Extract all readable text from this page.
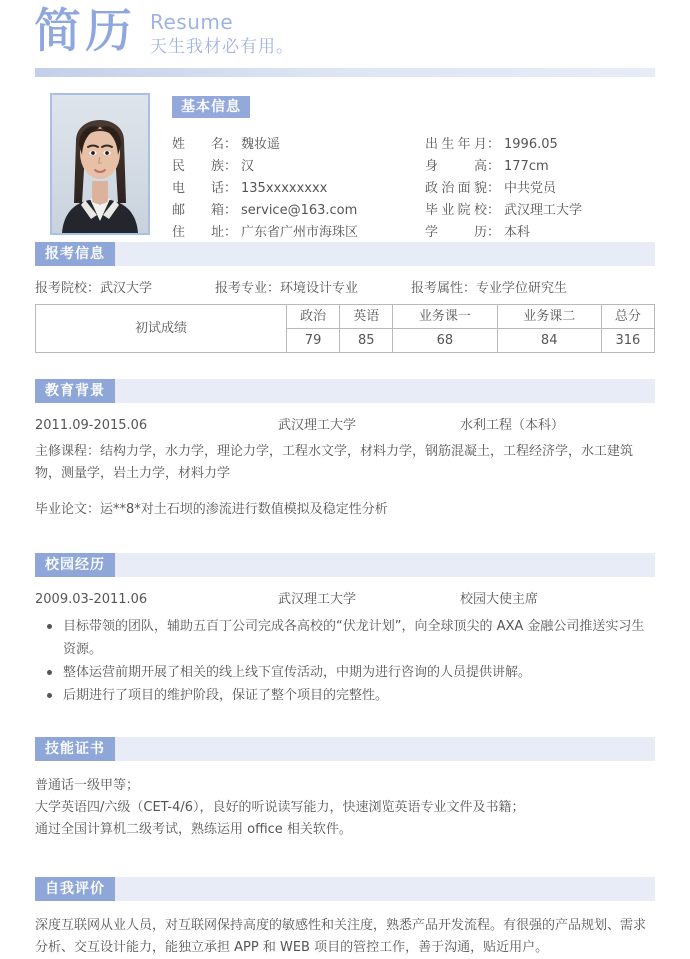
简历 Resume
天生我材必有用。
基本信息
姓名 ： 魏妆遥
民族 ： 汉
电话 ： 135xxxxxxxx
邮箱 ： service@163.com
住址 ： 广东省广州市海珠区
出生年月 ： 1996.05
身高 ： 177cm
政治面貌 ： 中共党员
毕业院校 ： 武汉理工大学
学历 ： 本科
报考信息
报考院校：武汉大学	报考专业：环境设计专业	报考属性：专业学位研究生
初试成绩	政治	英语	业务课一	业务课二	总分
	79	85	68	84	316
教育背景
2011.09-2015.06	武汉理工大学	水利工程（本科）
主修课程：结构力学，水力学，理论力学，工程水文学，材料力学，钢筋混凝土，工程经济学，水工建筑物，测量学，岩土力学，材料力学
毕业论文：运**8*对土石坝的渗流进行数值模拟及稳定性分析
校园经历
2009.03-2011.06	武汉理工大学	校园大使主席
目标带领的团队，辅助五百丁公司完成各高校的“伏龙计划”，向全球顶尖的 AXA 金融公司推送实习生资源。
整体运营前期开展了相关的线上线下宣传活动，中期为进行咨询的人员提供讲解。
后期进行了项目的维护阶段，保证了整个项目的完整性。
技能证书
普通话一级甲等；
大学英语四/六级（CET-4/6），良好的听说读写能力，快速浏览英语专业文件及书籍；
通过全国计算机二级考试，熟练运用 office 相关软件。
自我评价
深度互联网从业人员，对互联网保持高度的敏感性和关注度，熟悉产品开发流程。有很强的产品规划、需求分析、交互设计能力，能独立承担 APP 和 WEB 项目的管控工作，善于沟通，贴近用户。
